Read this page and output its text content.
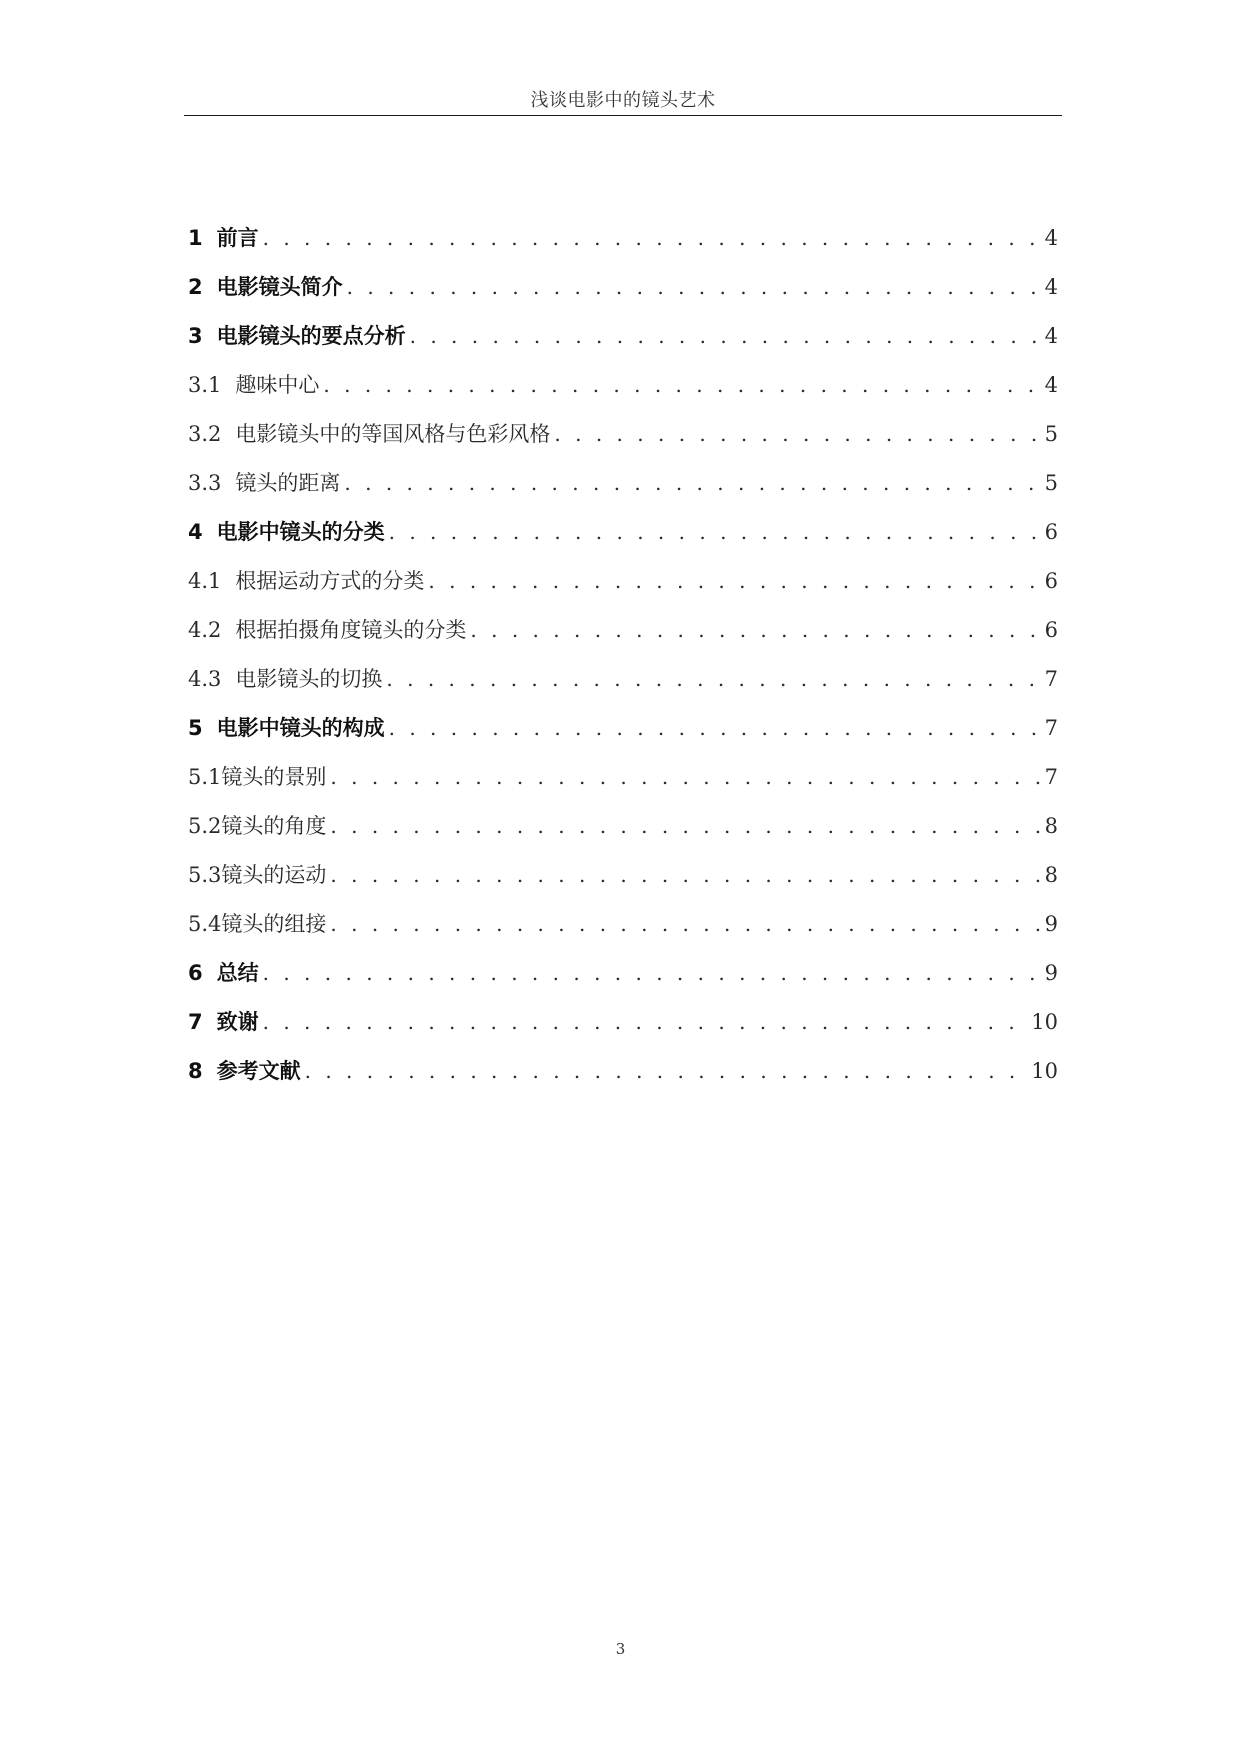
浅谈电影中的镜头艺术
1 前言 . . .	4
2 电影镜头简介 . . .	4
3 电影镜头的要点分析 . . .	4
3.1 趣味中心 . . .	4
3.2 电影镜头中的等国风格与色彩风格 . . .	5
3.3 镜头的距离 . . .	5
4 电影中镜头的分类 . . .	6
4.1 根据运动方式的分类 . . .	6
4.2 根据拍摄角度镜头的分类 . . .	6
4.3 电影镜头的切换 . . .	7
5 电影中镜头的构成 . . .	7
5.1 镜头的景别 . . .	7
5.2 镜头的角度 . . .	8
5.3 镜头的运动 . . .	8
5.4 镜头的组接 . . .	9
6 总结 . . .	9
7 致谢 . . .	10
8 参考文献 . . .	10
3
